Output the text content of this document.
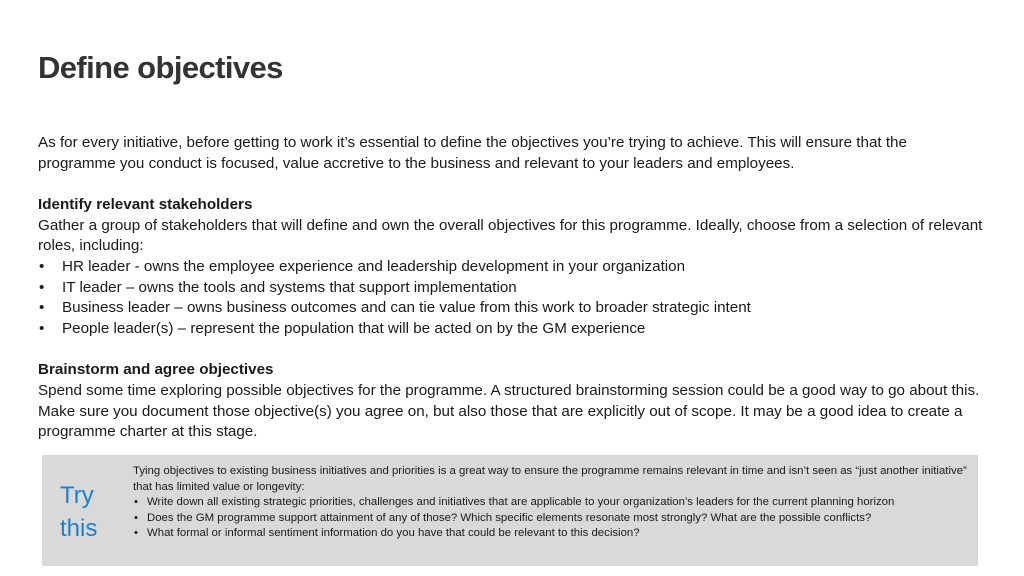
Define objectives

As for every initiative, before getting to work it’s essential to define the objectives you’re trying to achieve. This will ensure that the programme you conduct is focused, value accretive to the business and relevant to your leaders and employees.

Identify relevant stakeholders

Gather a group of stakeholders that will define and own the overall objectives for this programme. Ideally, choose from a selection of relevant roles, including:

• HR leader - owns the employee experience and leadership development in your organization
• IT leader – owns the tools and systems that support implementation
• Business leader – owns business outcomes and can tie value from this work to broader strategic intent
• People leader(s) – represent the population that will be acted on by the GM experience

Brainstorm and agree objectives

Spend some time exploring possible objectives for the programme. A structured brainstorming session could be a good way to go about this. Make sure you document those objective(s) you agree on, but also those that are explicitly out of scope. It may be a good idea to create a programme charter at this stage.

Try
this

Tying objectives to existing business initiatives and priorities is a great way to ensure the programme remains relevant in time and isn’t seen as “just another initiative” that has limited value or longevity:

• Write down all existing strategic priorities, challenges and initiatives that are applicable to your organization’s leaders for the current planning horizon
• Does the GM programme support attainment of any of those? Which specific elements resonate most strongly? What are the possible conflicts?
• What formal or informal sentiment information do you have that could be relevant to this decision?
